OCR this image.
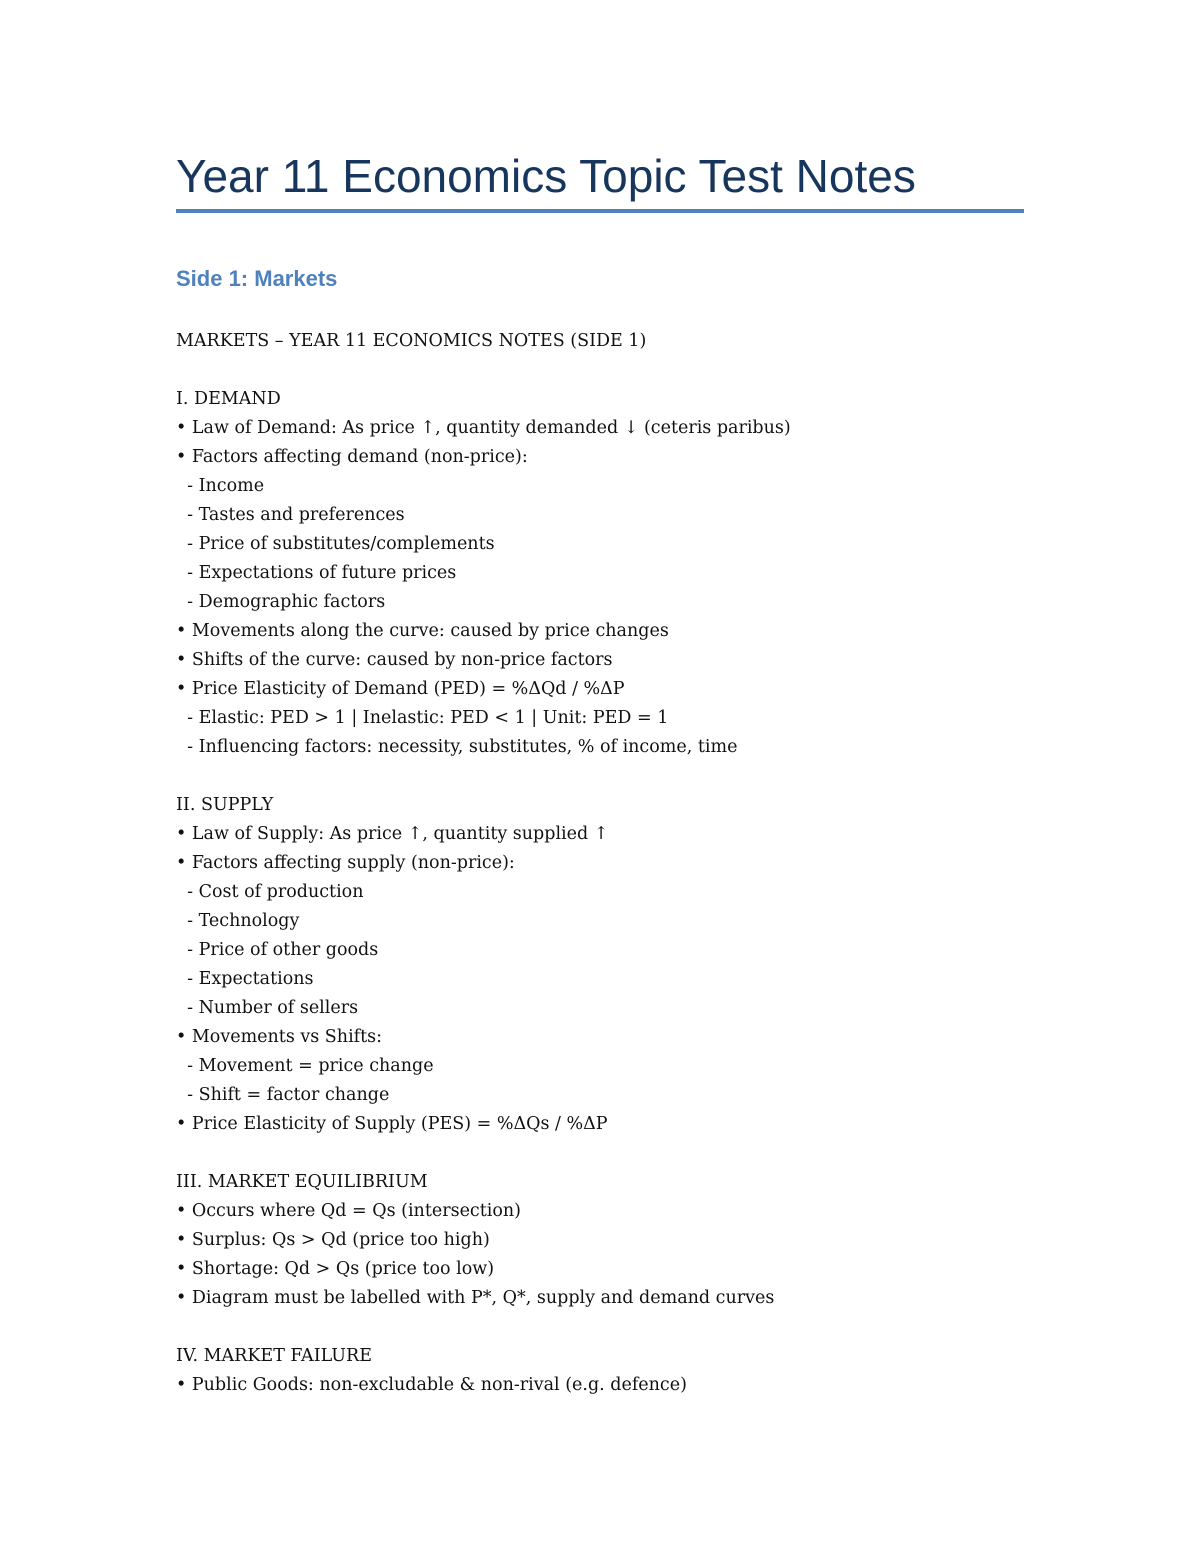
Year 11 Economics Topic Test Notes
Side 1: Markets
MARKETS – YEAR 11 ECONOMICS NOTES (SIDE 1)
I. DEMAND
• Law of Demand: As price ↑, quantity demanded ↓ (ceteris paribus)
• Factors affecting demand (non-price):
- Income
- Tastes and preferences
- Price of substitutes/complements
- Expectations of future prices
- Demographic factors
• Movements along the curve: caused by price changes
• Shifts of the curve: caused by non-price factors
• Price Elasticity of Demand (PED) = %ΔQd / %ΔP
- Elastic: PED > 1 | Inelastic: PED < 1 | Unit: PED = 1
- Influencing factors: necessity, substitutes, % of income, time
II. SUPPLY
• Law of Supply: As price ↑, quantity supplied ↑
• Factors affecting supply (non-price):
- Cost of production
- Technology
- Price of other goods
- Expectations
- Number of sellers
• Movements vs Shifts:
- Movement = price change
- Shift = factor change
• Price Elasticity of Supply (PES) = %ΔQs / %ΔP
III. MARKET EQUILIBRIUM
• Occurs where Qd = Qs (intersection)
• Surplus: Qs > Qd (price too high)
• Shortage: Qd > Qs (price too low)
• Diagram must be labelled with P*, Q*, supply and demand curves
IV. MARKET FAILURE
• Public Goods: non-excludable & non-rival (e.g. defence)
